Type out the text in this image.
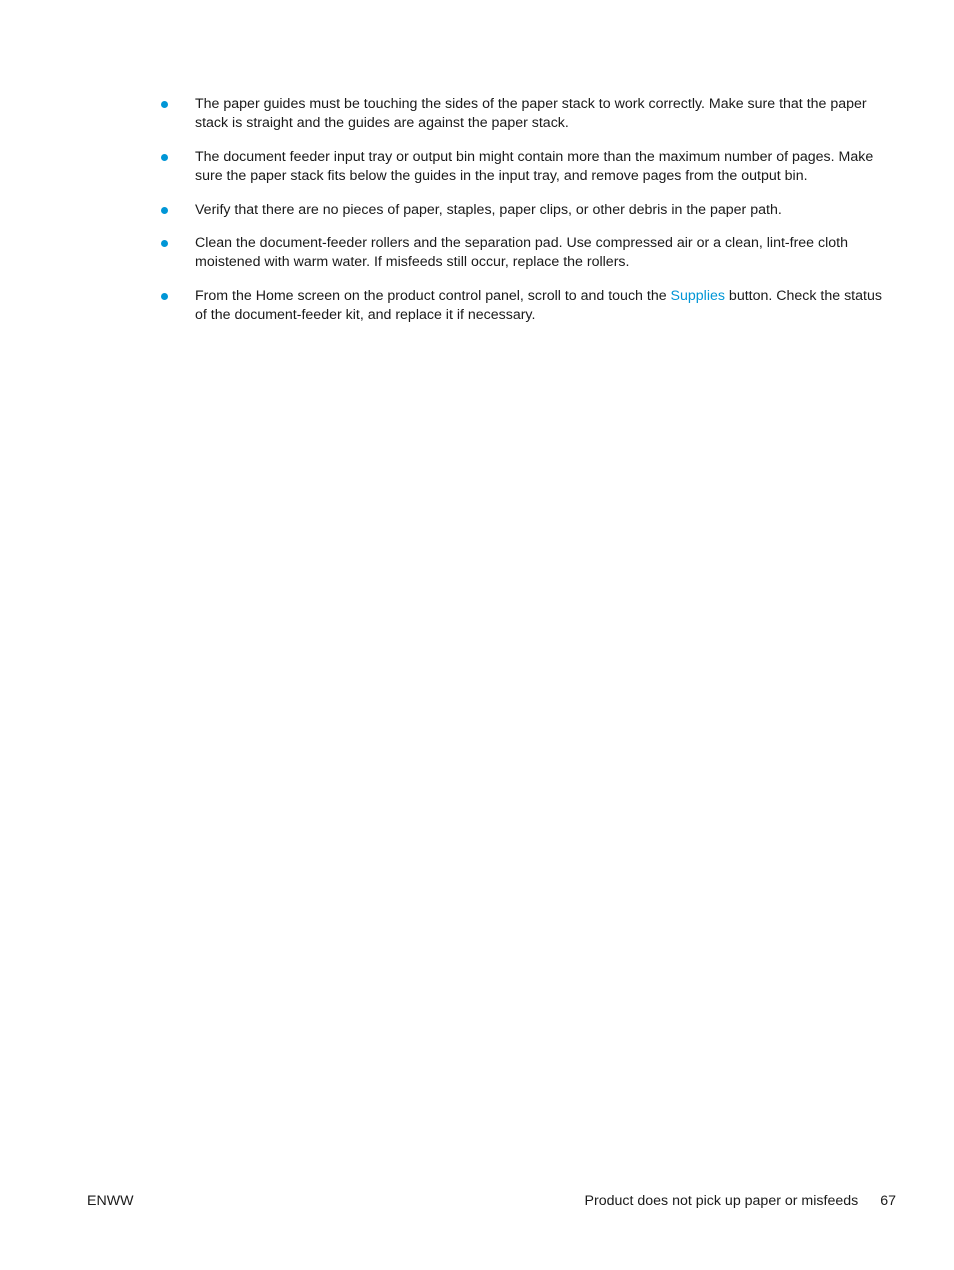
The paper guides must be touching the sides of the paper stack to work correctly. Make sure that the paper stack is straight and the guides are against the paper stack.
The document feeder input tray or output bin might contain more than the maximum number of pages. Make sure the paper stack fits below the guides in the input tray, and remove pages from the output bin.
Verify that there are no pieces of paper, staples, paper clips, or other debris in the paper path.
Clean the document-feeder rollers and the separation pad. Use compressed air or a clean, lint-free cloth moistened with warm water. If misfeeds still occur, replace the rollers.
From the Home screen on the product control panel, scroll to and touch the Supplies button. Check the status of the document-feeder kit, and replace it if necessary.
ENWW	Product does not pick up paper or misfeeds 67
